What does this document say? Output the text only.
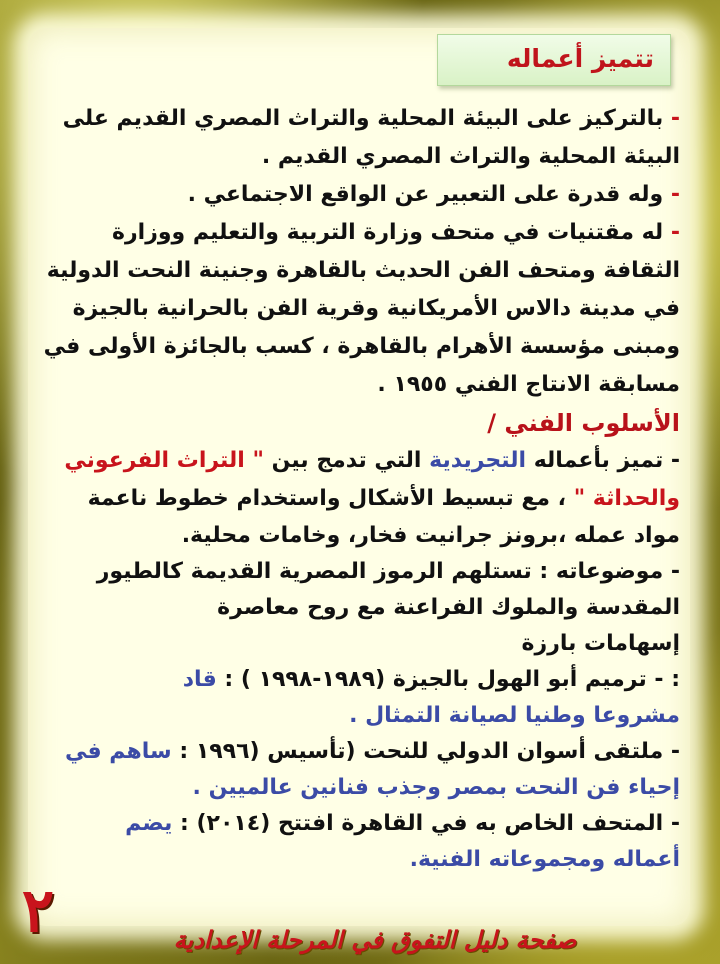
تتميز أعماله
- بالتركيز على البيئة المحلية والتراث المصري القديم على
البيئة المحلية والتراث المصري القديم .
- وله قدرة على التعبير عن الواقع الاجتماعي .
- له مقتنيات في متحف وزارة التربية والتعليم ووزارة
الثقافة ومتحف الفن الحديث بالقاهرة وجنينة النحت الدولية
في مدينة دالاس الأمريكانية وقرية الفن بالحرانية بالجيزة
ومبنى مؤسسة الأهرام بالقاهرة ، كسب بالجائزة الأولى في
مسابقة الانتاج الفني ١٩٥٥ .
الأسلوب الفني /
- تميز بأعماله التجريدية التي تدمج بين " التراث الفرعوني
والحداثة " ، مع تبسيط الأشكال واستخدام خطوط ناعمة
مواد عمله ،برونز جرانيت فخار، وخامات محلية.
- موضوعاته : تستلهم الرموز المصرية القديمة كالطيور
المقدسة والملوك الفراعنة مع روح معاصرة
إسهامات بارزة
: - ترميم أبو الهول بالجيزة (١٩٨٩-١٩٩٨ ) : قاد
مشروعا وطنيا لصيانة التمثال .
- ملتقى أسوان الدولي للنحت (تأسيس (١٩٩٦ : ساهم في
إحياء فن النحت بمصر وجذب فنانين عالميين .
- المتحف الخاص به في القاهرة افتتح (٢٠١٤) : يضم
أعماله ومجموعاته الفنية.
٢	صفحة دليل التفوق في المرحلة الإعدادية
